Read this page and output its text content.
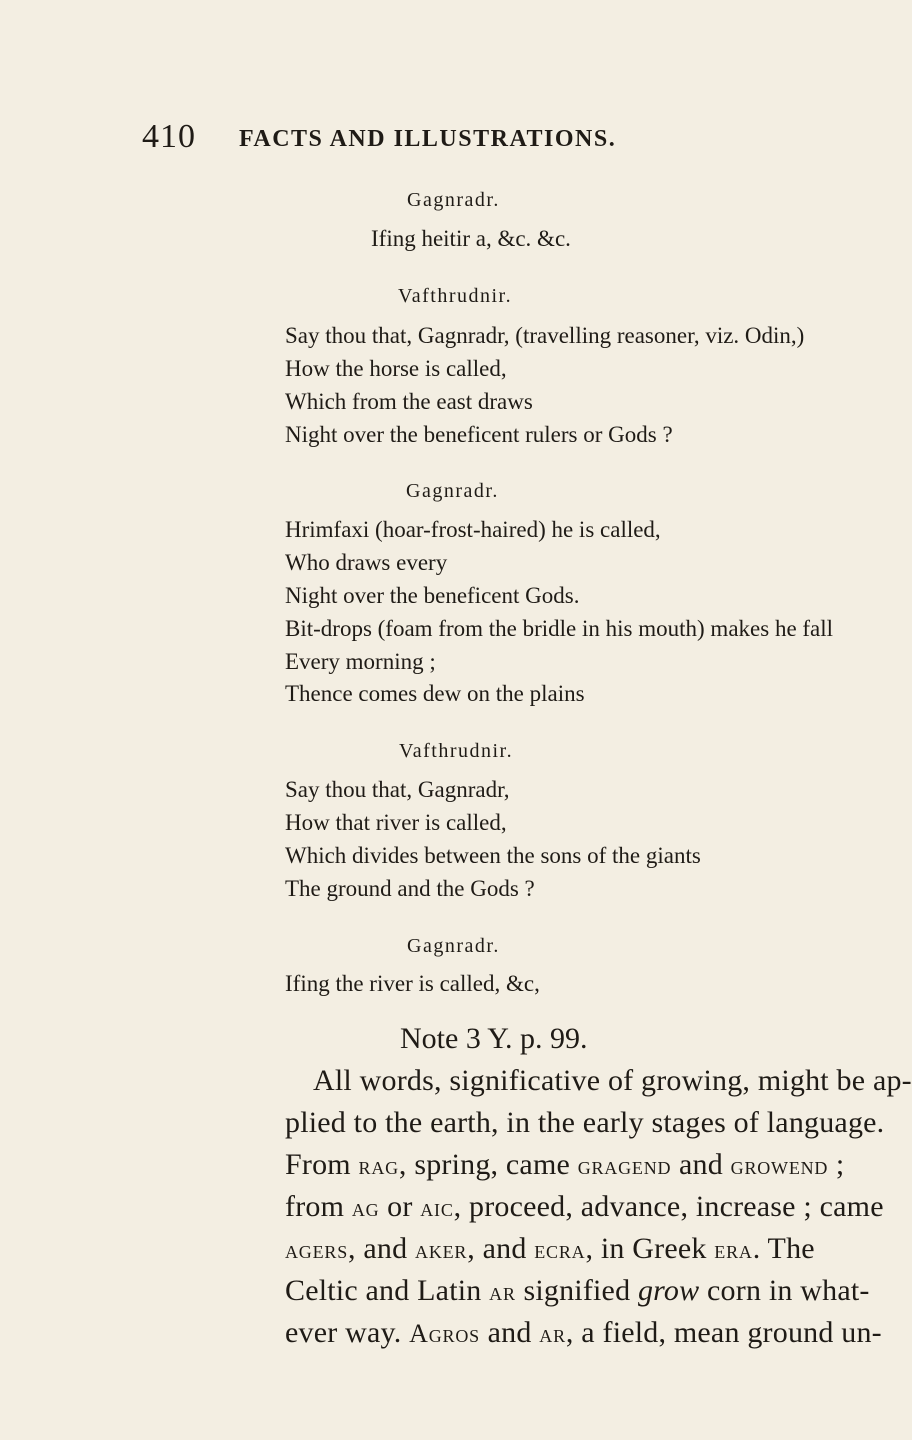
410 FACTS AND ILLUSTRATIONS.
Gagnradr.
Ifing heitir a, &c. &c.
Vafthrudnir.
Say thou that, Gagnradr, (travelling reasoner, viz. Odin,)
How the horse is called,
Which from the east draws
Night over the beneficent rulers or Gods ?
Gagnradr.
Hrimfaxi (hoar-frost-haired) he is called,
Who draws every
Night over the beneficent Gods.
Bit-drops (foam from the bridle in his mouth) makes he fall
Every morning ;
Thence comes dew on the plains
Vafthrudnir.
Say thou that, Gagnradr,
How that river is called,
Which divides between the sons of the giants
The ground and the Gods ?
Gagnradr.
Ifing the river is called, &c,
Note 3 Y. p. 99.
All words, significative of growing, might be ap-
plied to the earth, in the early stages of language.
From rag, spring, came gragend and growend ;
from ag or aic, proceed, advance, increase ; came
agers, and aker, and ecra, in Greek era. The
Celtic and Latin ar signified grow corn in what-
ever way. Agros and ar, a field, mean ground un-
